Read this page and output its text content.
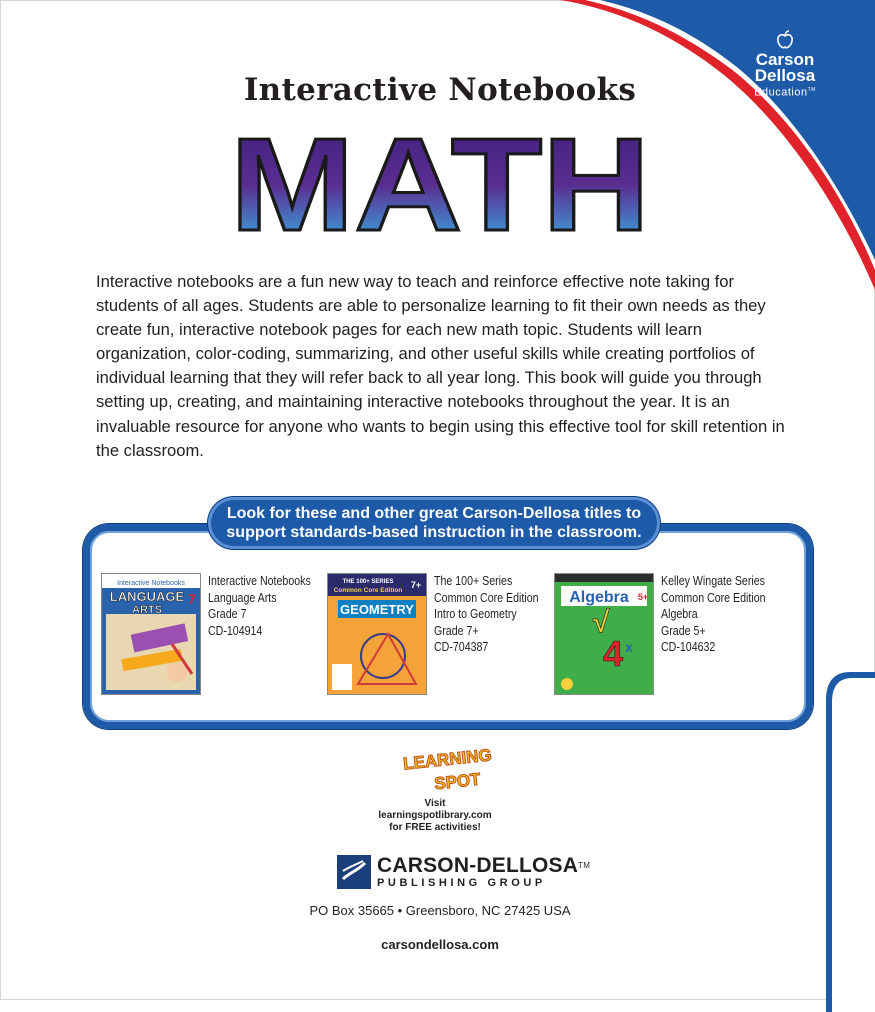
Carson
Dellosa
Education™
Interactive Notebooks
MATH

Interactive notebooks are a fun new way to teach and reinforce effective note taking for students of all ages. Students are able to personalize learning to fit their own needs as they create fun, interactive notebook pages for each new math topic. Students will learn organization, color-coding, summarizing, and other useful skills while creating portfolios of individual learning that they will refer back to all year long. This book will guide you through setting up, creating, and maintaining interactive notebooks throughout the year. It is an invaluable resource for anyone who wants to begin using this effective tool for skill retention in the classroom.

Look for these and other great Carson-Dellosa titles to
support standards-based instruction in the classroom.
Interactive Notebooks
LANGUAGE
ARTS
7
Interactive Notebooks
Language Arts
Grade 7
CD-104914
THE 100+ SERIES
Common Core Edition
GEOMETRY
7+ The 100+ Series
Common Core Edition
Intro to Geometry
Grade 7+
CD-704387
√
4 x
Algebra 5+
Kelley Wingate Series
Common Core Edition
Algebra
Grade 5+
CD-104632
LEARNING
SPOT
Visit
learningspotlibrary.com
for FREE activities!
CARSON-DELLOSA™
PUBLISHING GROUP
PO Box 35665 • Greensboro, NC 27425 USA
carsondellosa.com
